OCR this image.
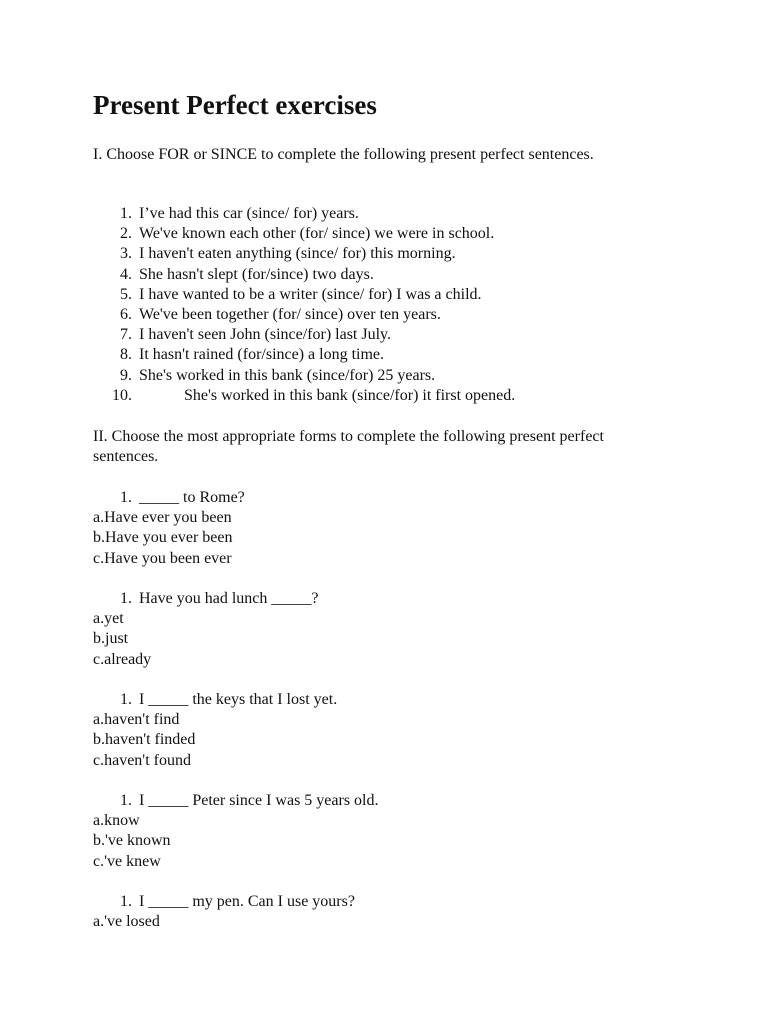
Present Perfect exercises

I. Choose FOR or SINCE to complete the following present perfect sentences.

1. I’ve had this car (since/ for) years.
2. We've known each other (for/ since) we were in school.
3. I haven't eaten anything (since/ for) this morning.
4. She hasn't slept (for/since) two days.
5. I have wanted to be a writer (since/ for) I was a child.
6. We've been together (for/ since) over ten years.
7. I haven't seen John (since/for) last July.
8. It hasn't rained (for/since) a long time.
9. She's worked in this bank (since/for) 25 years.
10.	She's worked in this bank (since/for) it first opened.

II. Choose the most appropriate forms to complete the following present perfect sentences.

1. _____ to Rome?
a.Have ever you been
b.Have you ever been
c.Have you been ever
1. Have you had lunch _____?
a.yet
b.just
c.already
1. I _____ the keys that I lost yet.
a.haven't find
b.haven't finded
c.haven't found
1. I _____ Peter since I was 5 years old.
a.know
b.'ve known
c.'ve knew
1. I _____ my pen. Can I use yours?
a.'ve losed
